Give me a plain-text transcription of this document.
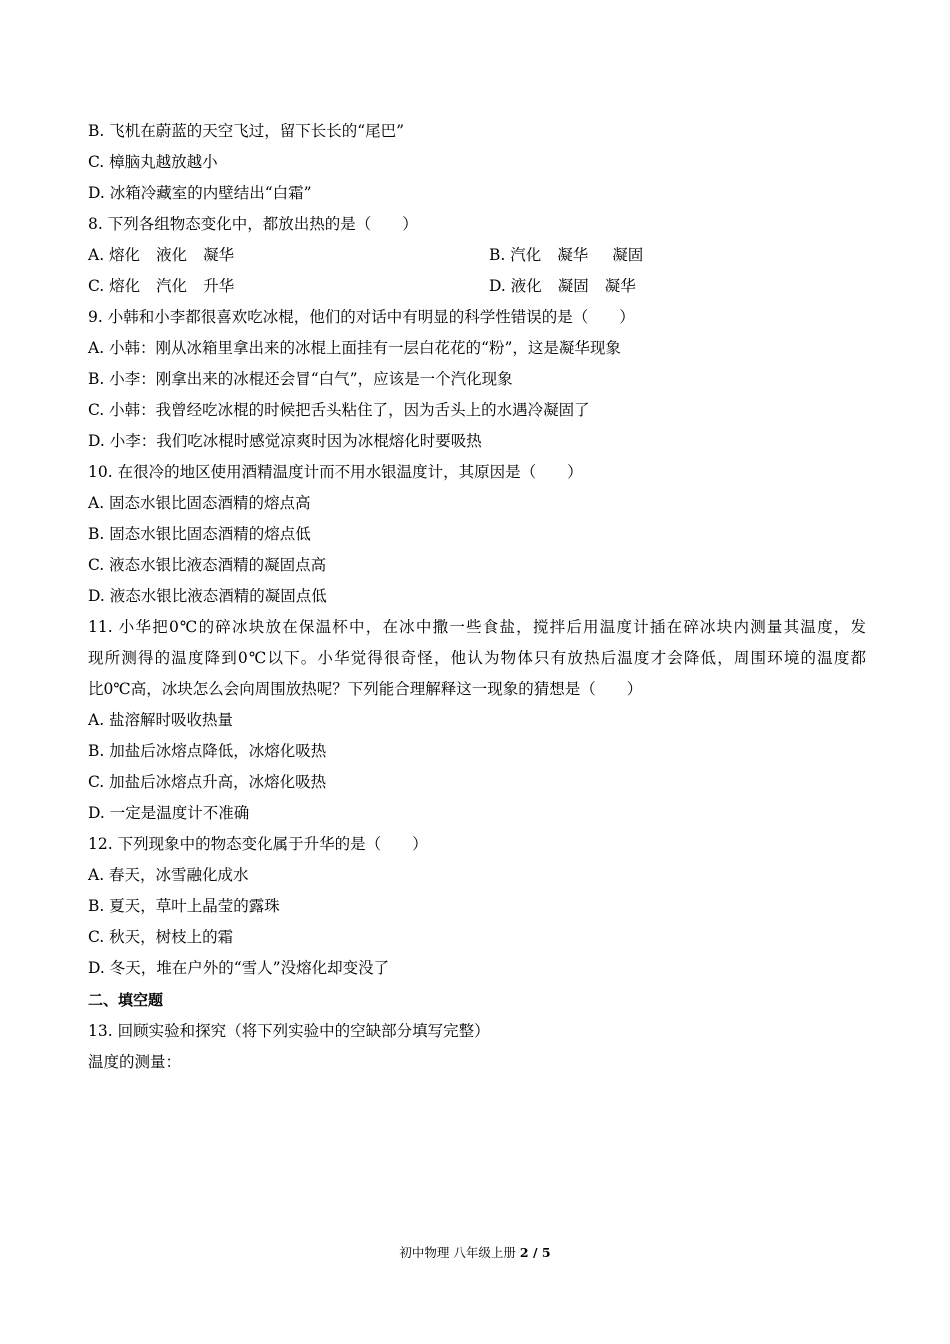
B. 飞机在蔚蓝的天空飞过，留下长长的“尾巴”
C. 樟脑丸越放越小
D. 冰箱冷藏室的内壁结出“白霜”
8. 下列各组物态变化中，都放出热的是（　　）
A. 熔化 液化 凝华	B. 汽化 凝华 凝固
C. 熔化 汽化 升华	D. 液化 凝固 凝华
9. 小韩和小李都很喜欢吃冰棍，他们的对话中有明显的科学性错误的是（　　）
A. 小韩：刚从冰箱里拿出来的冰棍上面挂有一层白花花的“粉”，这是凝华现象
B. 小李：刚拿出来的冰棍还会冒“白气”，应该是一个汽化现象
C. 小韩：我曾经吃冰棍的时候把舌头粘住了，因为舌头上的水遇冷凝固了
D. 小李：我们吃冰棍时感觉凉爽时因为冰棍熔化时要吸热
10. 在很冷的地区使用酒精温度计而不用水银温度计，其原因是（　　）
A. 固态水银比固态酒精的熔点高
B. 固态水银比固态酒精的熔点低
C. 液态水银比液态酒精的凝固点高
D. 液态水银比液态酒精的凝固点低
11. 小华把0℃的碎冰块放在保温杯中，在冰中撒一些食盐，搅拌后用温度计插在碎冰块内测量其温度，发
现所测得的温度降到0℃以下。小华觉得很奇怪，他认为物体只有放热后温度才会降低，周围环境的温度都
比0℃高，冰块怎么会向周围放热呢？下列能合理解释这一现象的猜想是（　　）
A. 盐溶解时吸收热量
B. 加盐后冰熔点降低，冰熔化吸热
C. 加盐后冰熔点升高，冰熔化吸热
D. 一定是温度计不准确
12. 下列现象中的物态变化属于升华的是（　　）
A. 春天，冰雪融化成水
B. 夏天，草叶上晶莹的露珠
C. 秋天，树枝上的霜
D. 冬天，堆在户外的“雪人”没熔化却变没了
二、填空题
13. 回顾实验和探究（将下列实验中的空缺部分填写完整）
温度的测量：
初中物理 八年级上册 2 / 5
